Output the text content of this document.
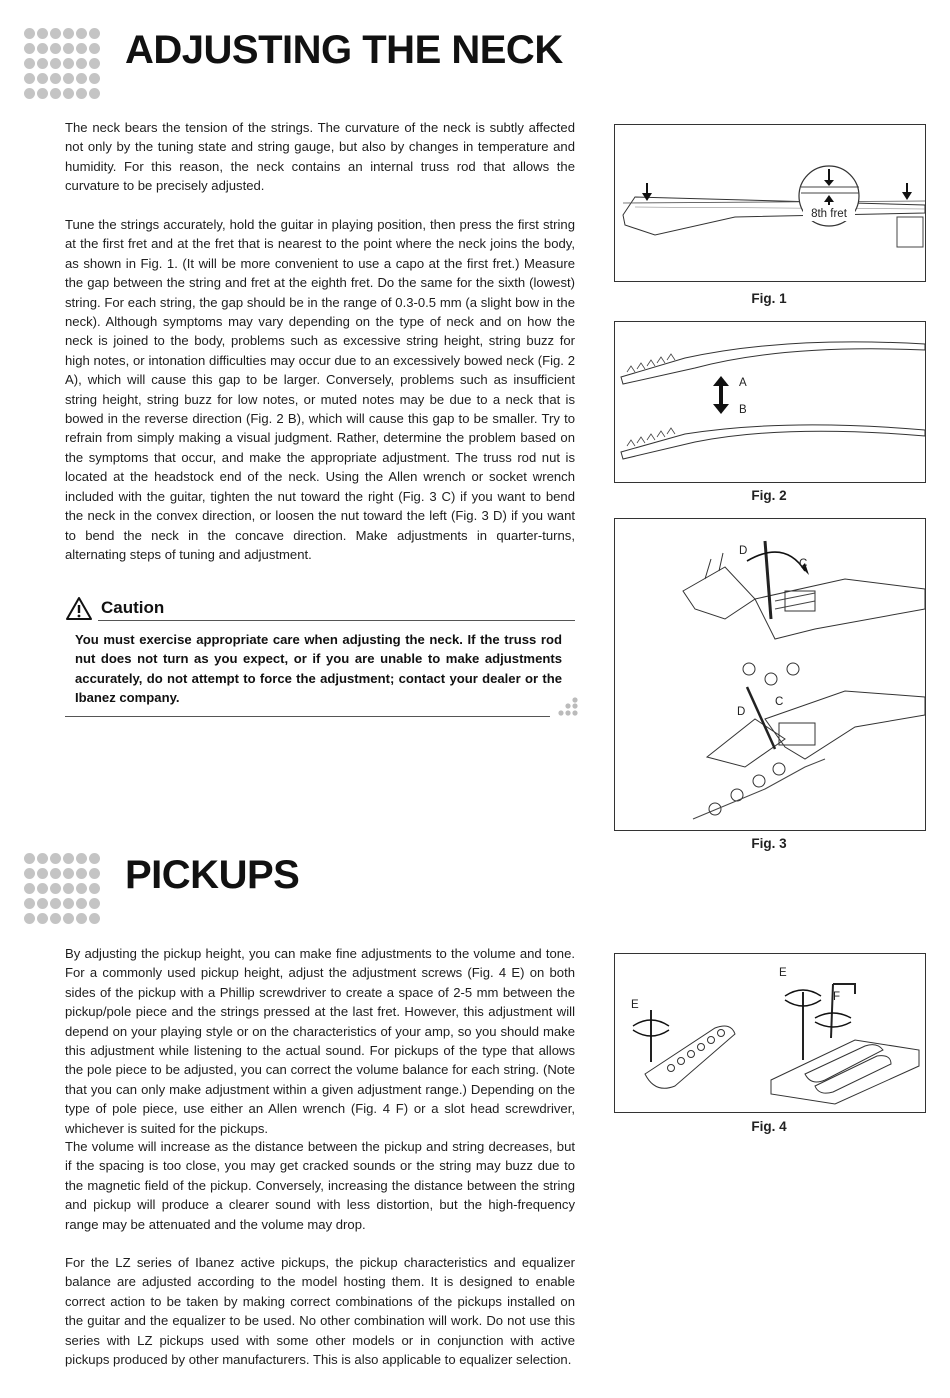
ADJUSTING THE NECK

The neck bears the tension of the strings. The curvature of the neck is subtly affected not only by the tuning state and string gauge, but also by changes in temperature and humidity. For this reason, the neck contains an internal truss rod that allows the curvature to be precisely adjusted.

Tune the strings accurately, hold the guitar in playing position, then press the first string at the first fret and at the fret that is nearest to the point where the neck joins the body, as shown in Fig. 1. (It will be more convenient to use a capo at the first fret.) Measure the gap between the string and fret at the eighth fret. Do the same for the sixth (lowest) string. For each string, the gap should be in the range of 0.3-0.5 mm (a slight bow in the neck). Although symptoms may vary depending on the type of neck and on how the neck is joined to the body, problems such as excessive string height, string buzz for high notes, or intonation difficulties may occur due to an excessively bowed neck (Fig. 2 A), which will cause this gap to be larger. Conversely, problems such as insufficient string height, string buzz for low notes, or muted notes may be due to a neck that is bowed in the reverse direction (Fig. 2 B), which will cause this gap to be smaller. Try to refrain from simply making a visual judgment. Rather, determine the problem based on the symptoms that occur, and make the appropriate adjustment. The truss rod nut is located at the headstock end of the neck. Using the Allen wrench or socket wrench included with the guitar, tighten the nut toward the right (Fig. 3 C) if you want to bend the neck in the convex direction, or loosen the nut toward the left (Fig. 3 D) if you want to bend the neck in the concave direction. Make adjustments in quarter-turns, alternating steps of tuning and adjustment.

Caution

You must exercise appropriate care when adjusting the neck. If the truss rod nut does not turn as you expect, or if you are unable to make adjustments accurately, do not attempt to force the adjustment; contact your dealer or the Ibanez company.

8th fret
Fig. 1
A
B
Fig. 2
D
C
D
C
Fig. 3
PICKUPS

By adjusting the pickup height, you can make fine adjustments to the volume and tone. For a commonly used pickup height, adjust the adjustment screws (Fig. 4 E) on both sides of the pickup with a Phillip screwdriver to create a space of 2-5 mm between the pickup/pole piece and the strings pressed at the last fret. However, this adjustment will depend on your playing style or on the characteristics of your amp, so you should make this adjustment while listening to the actual sound. For pickups of the type that allows the pole piece to be adjusted, you can correct the volume balance for each string. (Note that you can only make adjustment within a given adjustment range.) Depending on the type of pole piece, use either an Allen wrench (Fig. 4 F) or a slot head screwdriver, whichever is suited for the pickups.

The volume will increase as the distance between the pickup and string decreases, but if the spacing is too close, you may get cracked sounds or the string may buzz due to the magnetic field of the pickup. Conversely, increasing the distance between the string and pickup will produce a clearer sound with less distortion, but the high-frequency range may be attenuated and the volume may drop.

For the LZ series of Ibanez active pickups, the pickup characteristics and equalizer balance are adjusted according to the model hosting them. It is designed to enable correct action to be taken by making correct combinations of the pickups installed on the guitar and the equalizer to be used. No other combination will work. Do not use this series with LZ pickups used with some other models or in conjunction with active pickups produced by other manufacturers. This is also applicable to equalizer selection.

E
E
F
Fig. 4
